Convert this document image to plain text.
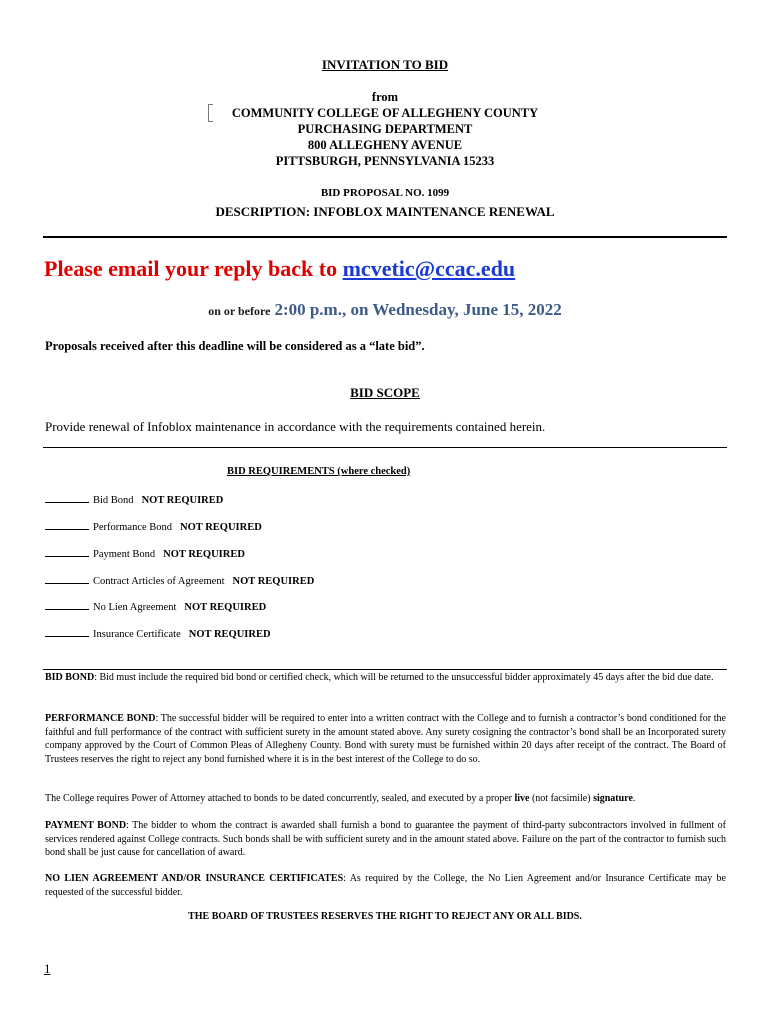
INVITATION TO BID
from
COMMUNITY COLLEGE OF ALLEGHENY COUNTY
PURCHASING DEPARTMENT
800 ALLEGHENY AVENUE
PITTSBURGH, PENNSYLVANIA 15233
BID PROPOSAL NO. 1099
DESCRIPTION: INFOBLOX MAINTENANCE RENEWAL
Please email your reply back to mcvetic@ccac.edu
on or before 2:00 p.m., on Wednesday, June 15, 2022
Proposals received after this deadline will be considered as a “late bid”.
BID SCOPE
Provide renewal of Infoblox maintenance in accordance with the requirements contained herein.
BID REQUIREMENTS (where checked)
Bid Bond NOT REQUIRED
Performance Bond NOT REQUIRED
Payment Bond NOT REQUIRED
Contract Articles of Agreement NOT REQUIRED
No Lien Agreement NOT REQUIRED
Insurance Certificate NOT REQUIRED
BID BOND: Bid must include the required bid bond or certified check, which will be returned to the unsuccessful bidder approximately 45 days after the bid due date.
PERFORMANCE BOND: The successful bidder will be required to enter into a written contract with the College and to furnish a contractor’s bond conditioned for the faithful and full performance of the contract with sufficient surety in the amount stated above. Any surety cosigning the contractor’s bond shall be an Incorporated surety company approved by the Court of Common Pleas of Allegheny County. Bond with surety must be furnished within 20 days after receipt of the contract. The Board of Trustees reserves the right to reject any bond furnished where it is in the best interest of the College to do so.
The College requires Power of Attorney attached to bonds to be dated concurrently, sealed, and executed by a proper live (not facsimile) signature.
PAYMENT BOND: The bidder to whom the contract is awarded shall furnish a bond to guarantee the payment of third-party subcontractors involved in fullment of services rendered against College contracts. Such bonds shall be with sufficient surety and in the amount stated above. Failure on the part of the contractor to furnish such bond shall be just cause for cancellation of award.
NO LIEN AGREEMENT AND/OR INSURANCE CERTIFICATES: As required by the College, the No Lien Agreement and/or Insurance Certificate may be requested of the successful bidder.
THE BOARD OF TRUSTEES RESERVES THE RIGHT TO REJECT ANY OR ALL BIDS.
1
